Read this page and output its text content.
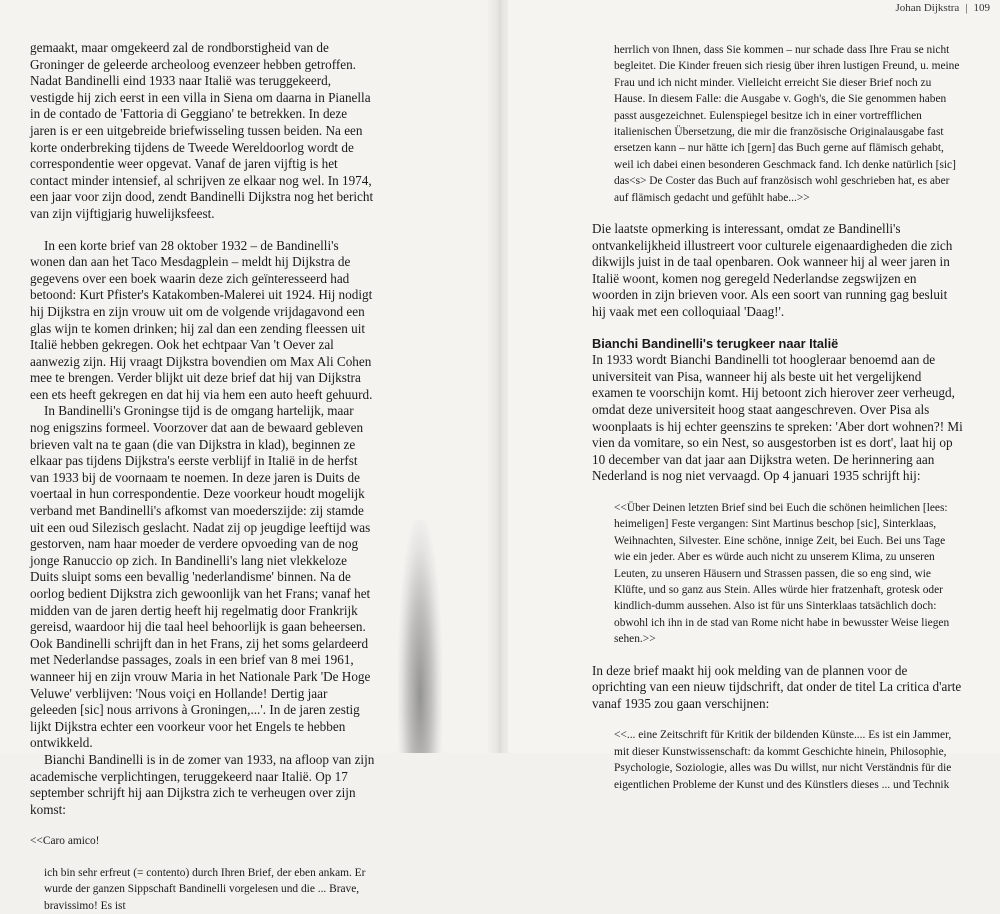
gemaakt, maar omgekeerd zal de rondborstigheid van de Groninger de geleerde archeoloog evenzeer hebben getroffen. Nadat Bandinelli eind 1933 naar Italië was teruggekeerd, vestigde hij zich eerst in een villa in Siena om daarna in Pianella in de contado de 'Fattoria di Geggiano' te betrekken. In deze jaren is er een uitgebreide briefwisseling tussen beiden. Na een korte onderbreking tijdens de Tweede Wereldoorlog wordt de correspondentie weer opgevat. Vanaf de jaren vijftig is het contact minder intensief, al schrijven ze elkaar nog wel. In 1974, een jaar voor zijn dood, zendt Bandinelli Dijkstra nog het bericht van zijn vijftigjarig huwelijksfeest.

In een korte brief van 28 oktober 1932 – de Bandinelli's wonen dan aan het Taco Mesdagplein – meldt hij Dijkstra de gegevens over een boek waarin deze zich geïnteresseerd had betoond: Kurt Pfister's Katakomben-Malerei uit 1924. Hij nodigt hij Dijkstra en zijn vrouw uit om de volgende vrijdagavond een glas wijn te komen drinken; hij zal dan een zending fleessen uit Italië hebben gekregen. Ook het echtpaar Van 't Oever zal aanwezig zijn. Hij vraagt Dijkstra bovendien om Max Ali Cohen mee te brengen. Verder blijkt uit deze brief dat hij van Dijkstra een ets heeft gekregen en dat hij via hem een auto heeft gehuurd.

In Bandinelli's Groningse tijd is de omgang hartelijk, maar nog enigszins formeel. Voorzover dat aan de bewaard gebleven brieven valt na te gaan (die van Dijkstra in klad), beginnen ze elkaar pas tijdens Dijkstra's eerste verblijf in Italië in de herfst van 1933 bij de voornaam te noemen. In deze jaren is Duits de voertaal in hun correspondentie. Deze voorkeur houdt mogelijk verband met Bandinelli's afkomst van moederszijde: zij stamde uit een oud Silezisch geslacht. Nadat zij op jeugdige leeftijd was gestorven, nam haar moeder de verdere opvoeding van de nog jonge Ranuccio op zich. In Bandinelli's lang niet vlekkeloze Duits sluipt soms een bevallig 'nederlandisme' binnen. Na de oorlog bedient Dijkstra zich gewoonlijk van het Frans; vanaf het midden van de jaren dertig heeft hij regelmatig door Frankrijk gereisd, waardoor hij die taal heel behoorlijk is gaan beheersen. Ook Bandinelli schrijft dan in het Frans, zij het soms gelardeerd met Nederlandse passages, zoals in een brief van 8 mei 1961, wanneer hij en zijn vrouw Maria in het Nationale Park 'De Hoge Veluwe' verblijven: 'Nous voiçi en Hollande! Dertig jaar geleeden [sic] nous arrivons à Groningen,...'. In de jaren zestig lijkt Dijkstra echter een voorkeur voor het Engels te hebben ontwikkeld.

Bianchi Bandinelli is in de zomer van 1933, na afloop van zijn academische verplichtingen, teruggekeerd naar Italië. Op 17 september schrijft hij aan Dijkstra zich te verheugen over zijn komst:

<<Caro amico!

ich bin sehr erfreut (= contento) durch Ihren Brief, der eben ankam. Er wurde der ganzen Sippschaft Bandinelli vorgelesen und die ... Brave, bravissimo! Es ist

Johan Dijkstra | 109

herrlich von Ihnen, dass Sie kommen – nur schade dass Ihre Frau se nicht begleitet. Die Kinder freuen sich riesig über ihren lustigen Freund, u. meine Frau und ich nicht minder. Vielleicht erreicht Sie dieser Brief noch zu Hause. In diesem Falle: die Ausgabe v. Gogh's, die Sie genommen haben passt ausgezeichnet. Eulenspiegel besitze ich in einer vortrefflichen italienischen Übersetzung, die mir die französische Originalausgabe fast ersetzen kann – nur hätte ich [gern] das Buch gerne auf flämisch gehabt, weil ich dabei einen besonderen Geschmack fand. Ich denke natürlich [sic] das<s> De Coster das Buch auf französisch wohl geschrieben hat, es aber auf flämisch gedacht und gefühlt habe...>>

Die laatste opmerking is interessant, omdat ze Bandinelli's ontvankelijkheid illustreert voor culturele eigenaardigheden die zich dikwijls juist in de taal openbaren. Ook wanneer hij al weer jaren in Italië woont, komen nog geregeld Nederlandse zegswijzen en woorden in zijn brieven voor. Als een soort van running gag besluit hij vaak met een colloquiaal 'Daag!'.

Bianchi Bandinelli's terugkeer naar Italië

In 1933 wordt Bianchi Bandinelli tot hoogleraar benoemd aan de universiteit van Pisa, wanneer hij als beste uit het vergelijkend examen te voorschijn komt. Hij betoont zich hierover zeer verheugd, omdat deze universiteit hoog staat aangeschreven. Over Pisa als woonplaats is hij echter geenszins te spreken: 'Aber dort wohnen?! Mi vien da vomitare, so ein Nest, so ausgestorben ist es dort', laat hij op 10 december van dat jaar aan Dijkstra weten. De herinnering aan Nederland is nog niet vervaagd. Op 4 januari 1935 schrijft hij:

<<Über Deinen letzten Brief sind bei Euch die schönen heimlichen [lees: heimeligen] Feste vergangen: Sint Martinus beschop [sic], Sinterklaas, Weihnachten, Silvester. Eine schöne, innige Zeit, bei Euch. Bei uns Tage wie ein jeder. Aber es würde auch nicht zu unserem Klima, zu unseren Leuten, zu unseren Häusern und Strassen passen, die so eng sind, wie Klüfte, und so ganz aus Stein. Alles würde hier fratzenhaft, grotesk oder kindlich-dumm aussehen. Also ist für uns Sinterklaas tatsächlich doch: obwohl ich ihn in de stad van Rome nicht habe in bewusster Weise liegen sehen.>>

In deze brief maakt hij ook melding van de plannen voor de oprichting van een nieuw tijdschrift, dat onder de titel La critica d'arte vanaf 1935 zou gaan verschijnen:

<<... eine Zeitschrift für Kritik der bildenden Künste.... Es ist ein Jammer, mit dieser Kunstwissenschaft: da kommt Geschichte hinein, Philosophie, Psychologie, Soziologie, alles was Du willst, nur nicht Verständnis für die eigentlichen Probleme der Kunst und des Künstlers dieses ... und Technik
